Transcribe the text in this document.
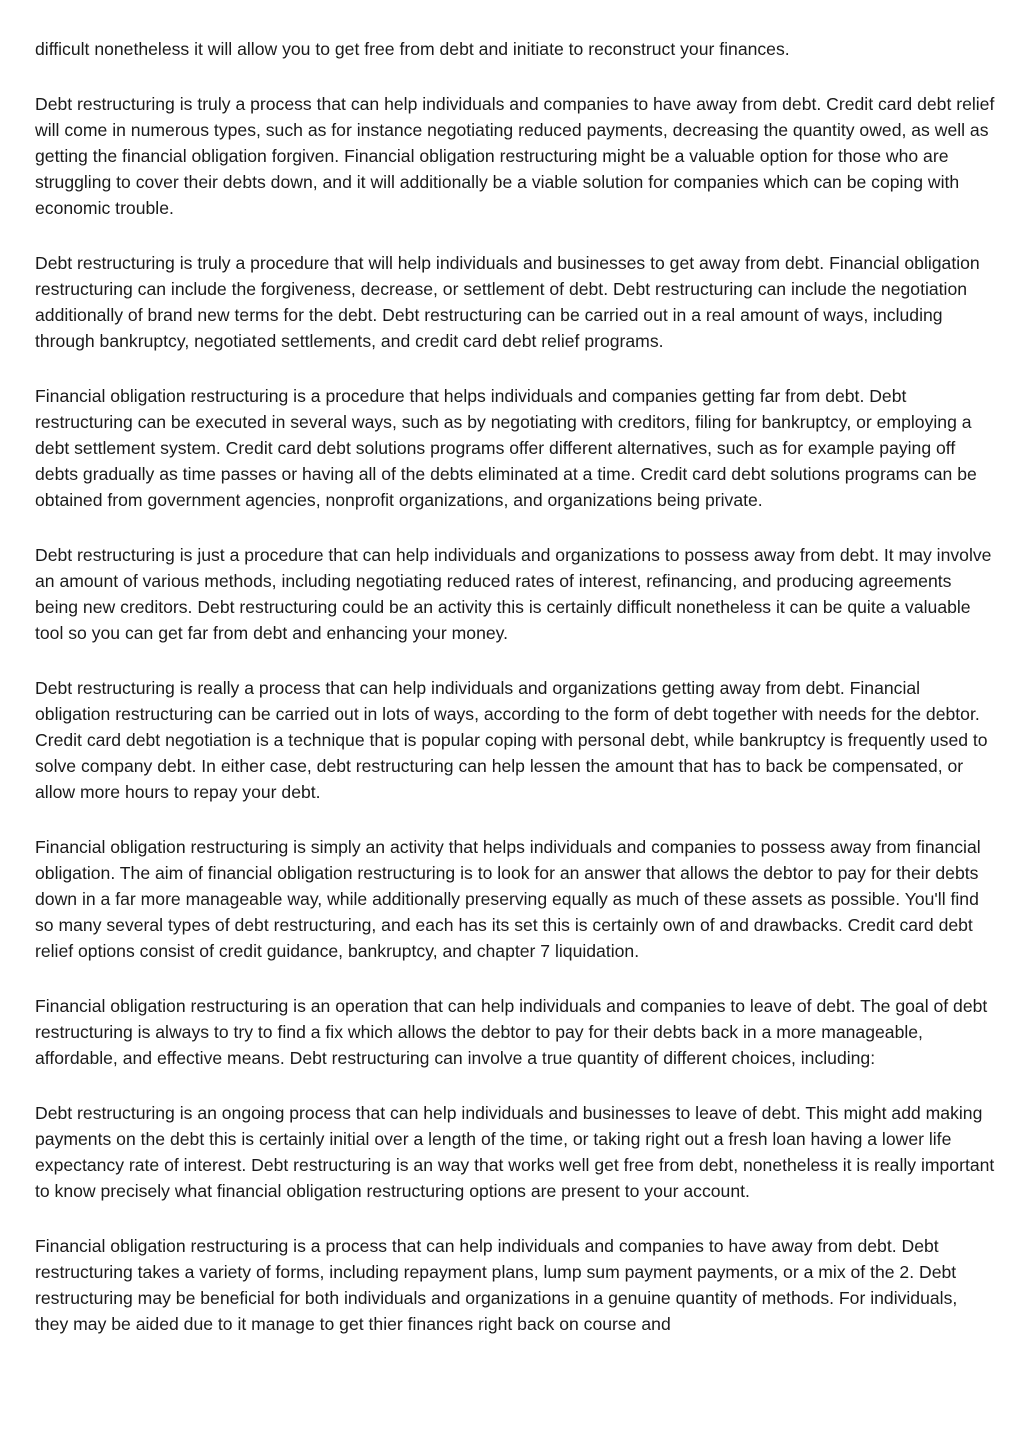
difficult nonetheless it will allow you to get free from debt and initiate to reconstruct your finances.

Debt restructuring is truly a process that can help individuals and companies to have away from debt. Credit card debt relief will come in numerous types, such as for instance negotiating reduced payments, decreasing the quantity owed, as well as getting the financial obligation forgiven. Financial obligation restructuring might be a valuable option for those who are struggling to cover their debts down, and it will additionally be a viable solution for companies which can be coping with economic trouble.

Debt restructuring is truly a procedure that will help individuals and businesses to get away from debt. Financial obligation restructuring can include the forgiveness, decrease, or settlement of debt. Debt restructuring can include the negotiation additionally of brand new terms for the debt. Debt restructuring can be carried out in a real amount of ways, including through bankruptcy, negotiated settlements, and credit card debt relief programs.

Financial obligation restructuring is a procedure that helps individuals and companies getting far from debt. Debt restructuring can be executed in several ways, such as by negotiating with creditors, filing for bankruptcy, or employing a debt settlement system. Credit card debt solutions programs offer different alternatives, such as for example paying off debts gradually as time passes or having all of the debts eliminated at a time. Credit card debt solutions programs can be obtained from government agencies, nonprofit organizations, and organizations being private.

Debt restructuring is just a procedure that can help individuals and organizations to possess away from debt. It may involve an amount of various methods, including negotiating reduced rates of interest, refinancing, and producing agreements being new creditors. Debt restructuring could be an activity this is certainly difficult nonetheless it can be quite a valuable tool so you can get far from debt and enhancing your money.

Debt restructuring is really a process that can help individuals and organizations getting away from debt. Financial obligation restructuring can be carried out in lots of ways, according to the form of debt together with needs for the debtor. Credit card debt negotiation is a technique that is popular coping with personal debt, while bankruptcy is frequently used to solve company debt. In either case, debt restructuring can help lessen the amount that has to back be compensated, or allow more hours to repay your debt.

Financial obligation restructuring is simply an activity that helps individuals and companies to possess away from financial obligation. The aim of financial obligation restructuring is to look for an answer that allows the debtor to pay for their debts down in a far more manageable way, while additionally preserving equally as much of these assets as possible. You'll find so many several types of debt restructuring, and each has its set this is certainly own of and drawbacks. Credit card debt relief options consist of credit guidance, bankruptcy, and chapter 7 liquidation.

Financial obligation restructuring is an operation that can help individuals and companies to leave of debt. The goal of debt restructuring is always to try to find a fix which allows the debtor to pay for their debts back in a more manageable, affordable, and effective means. Debt restructuring can involve a true quantity of different choices, including:

Debt restructuring is an ongoing process that can help individuals and businesses to leave of debt. This might add making payments on the debt this is certainly initial over a length of the time, or taking right out a fresh loan having a lower life expectancy rate of interest. Debt restructuring is an way that works well get free from debt, nonetheless it is really important to know precisely what financial obligation restructuring options are present to your account.

Financial obligation restructuring is a process that can help individuals and companies to have away from debt. Debt restructuring takes a variety of forms, including repayment plans, lump sum payment payments, or a mix of the 2. Debt restructuring may be beneficial for both individuals and organizations in a genuine quantity of methods. For individuals, they may be aided due to it manage to get thier finances right back on course and
